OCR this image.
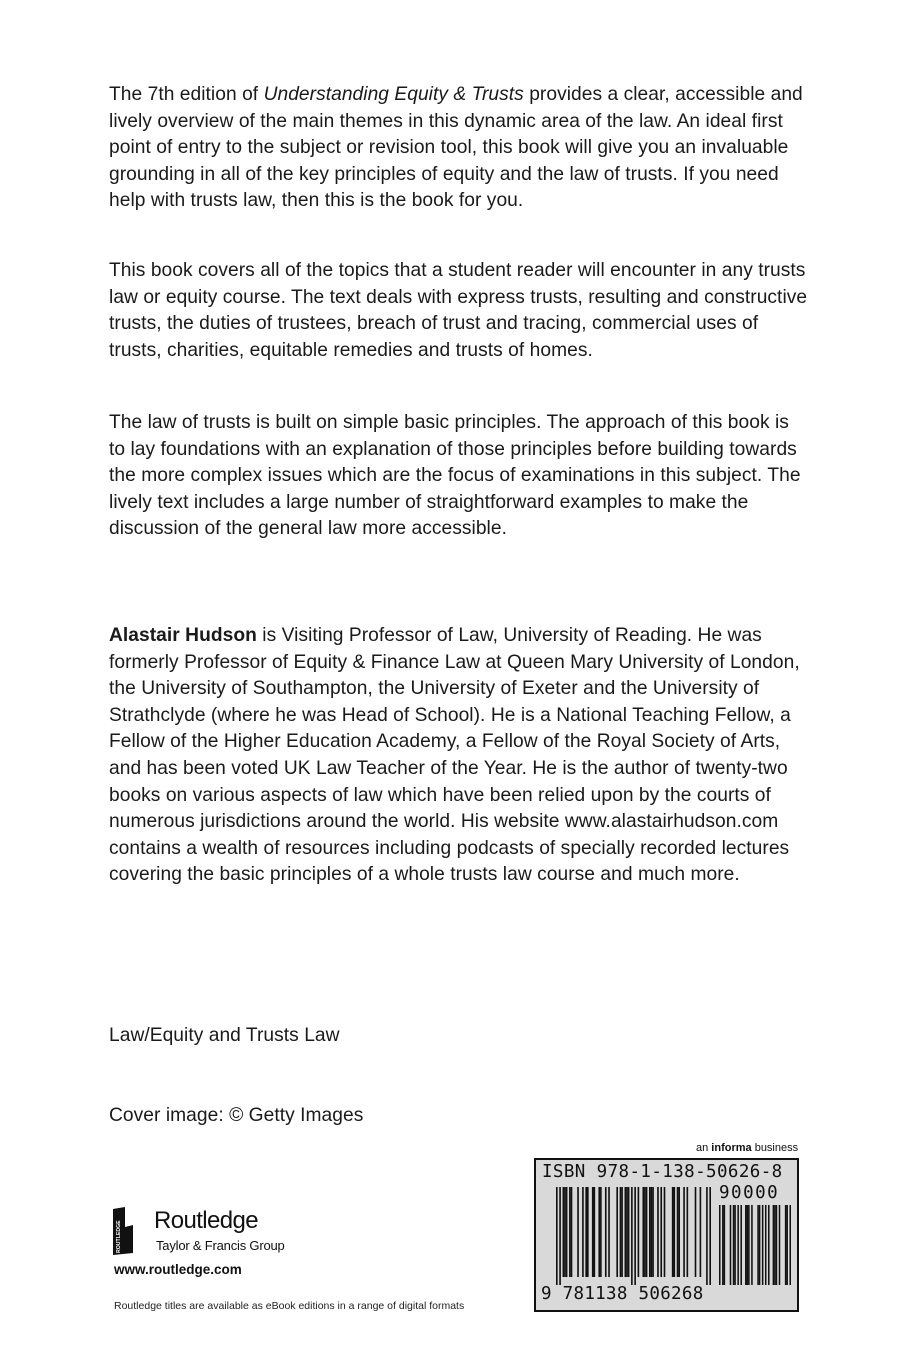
The 7th edition of Understanding Equity & Trusts provides a clear, accessible and lively overview of the main themes in this dynamic area of the law. An ideal first point of entry to the subject or revision tool, this book will give you an invaluable grounding in all of the key principles of equity and the law of trusts. If you need help with trusts law, then this is the book for you.

This book covers all of the topics that a student reader will encounter in any trusts law or equity course. The text deals with express trusts, resulting and constructive trusts, the duties of trustees, breach of trust and tracing, commercial uses of trusts, charities, equitable remedies and trusts of homes.

The law of trusts is built on simple basic principles. The approach of this book is to lay foundations with an explanation of those principles before building towards the more complex issues which are the focus of examinations in this subject. The lively text includes a large number of straightforward examples to make the discussion of the general law more accessible.

Alastair Hudson is Visiting Professor of Law, University of Reading. He was formerly Professor of Equity & Finance Law at Queen Mary University of London, the University of Southampton, the University of Exeter and the University of Strathclyde (where he was Head of School). He is a National Teaching Fellow, a Fellow of the Higher Education Academy, a Fellow of the Royal Society of Arts, and has been voted UK Law Teacher of the Year. He is the author of twenty-two books on various aspects of law which have been relied upon by the courts of numerous jurisdictions around the world. His website www.alastairhudson.com contains a wealth of resources including podcasts of specially recorded lectures covering the basic principles of a whole trusts law course and much more.

Law/Equity and Trusts Law
Cover image: © Getty Images
ROUTLEDGE Routledge
Taylor & Francis Group
www.routledge.com
Routledge titles are available as eBook editions in a range of digital formats
an informa business
ISBN 978-1-138-50626-8
90000
9 781138 506268
